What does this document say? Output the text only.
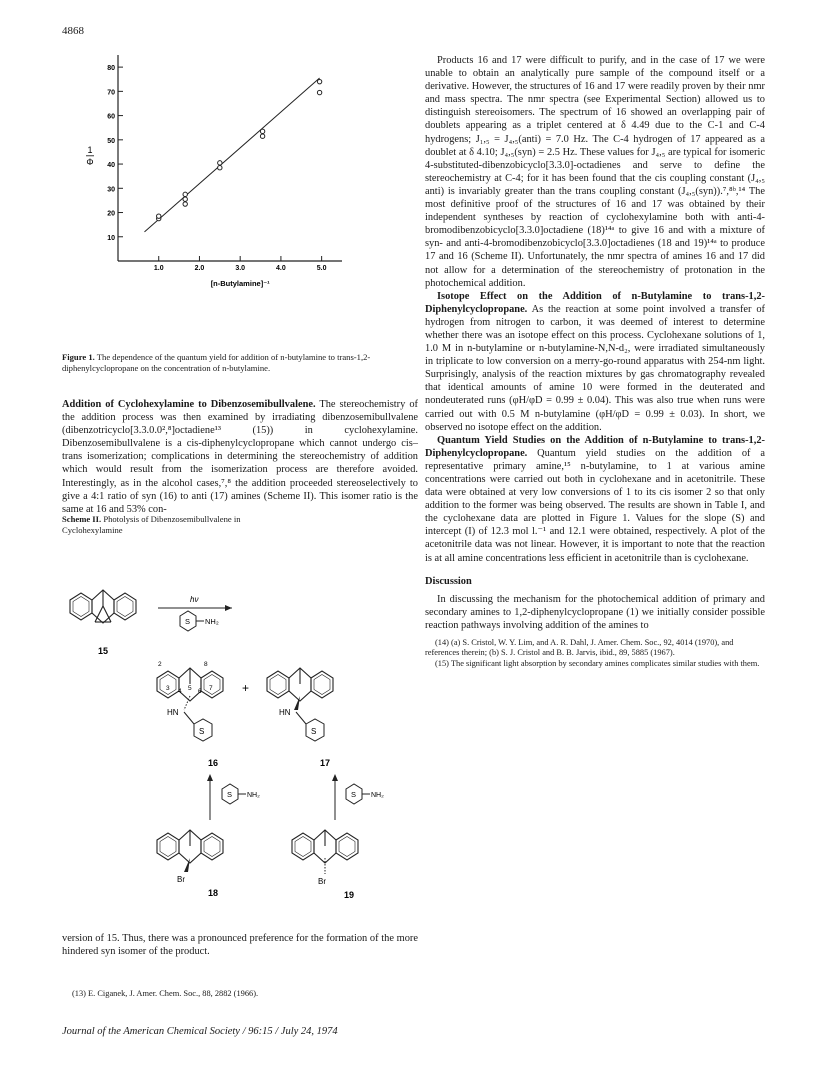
4868
10
20
30
40
50
60
70
80
1.0	2.0	3.0	4.0	5.0
[n-Butylamine]⁻¹
1
Φ
Figure 1. The dependence of the quantum yield for addition of n-butylamine to trans-1,2-diphenylcyclopropane on the concentration of n-butylamine.

Addition of Cyclohexylamine to Dibenzosemibullvalene. The stereochemistry of the addition process was then examined by irradiating dibenzosemibullvalene (dibenzotricyclo[3.3.0.0²,⁸]octadiene¹³ (15)) in cyclohexylamine. Dibenzosemibullvalene is a cis-diphenylcyclopropane which cannot undergo cis–trans isomerization; complications in determining the stereochemistry of addition which would result from the isomerization process are therefore avoided. Interestingly, as in the alcohol cases,⁷,⁸ the addition proceeded stereoselectively to give a 4:1 ratio of syn (16) to anti (17) amines (Scheme II). This isomer ratio is the same at 16 and 53% con-

Scheme II. Photolysis of Dibenzosemibullvalene in
Cyclohexylamine
15
hν
S NH₂
2	8
3 4 5 6 7
HN
S
16
+
HN
S
17
S NH₂	S NH₂
Br
18
Br
19

version of 15. Thus, there was a pronounced preference for the formation of the more hindered syn isomer of the product.

(13) E. Ciganek, J. Amer. Chem. Soc., 88, 2882 (1966).

Products 16 and 17 were difficult to purify, and in the case of 17 we were unable to obtain an analytically pure sample of the compound itself or a derivative. However, the structures of 16 and 17 were readily proven by their nmr and mass spectra. The nmr spectra (see Experimental Section) allowed us to distinguish stereoisomers. The spectrum of 16 showed an overlapping pair of doublets appearing as a triplet centered at δ 4.49 due to the C-1 and C-4 hydrogens; J₁,₅ = J₄,₅(anti) = 7.0 Hz. The C-4 hydrogen of 17 appeared as a doublet at δ 4.10; J₄,₅(syn) = 2.5 Hz. These values for J₄,₅ are typical for isomeric 4-substituted-dibenzobicyclo[3.3.0]-octadienes and serve to define the stereochemistry at C-4; for it has been found that the cis coupling constant (J₄,₅ anti) is invariably greater than the trans coupling constant (J₄,₅(syn)).⁷,⁸ᵇ,¹⁴ The most definitive proof of the structures of 16 and 17 was obtained by their independent syntheses by reaction of cyclohexylamine both with anti-4-bromodibenzobicyclo[3.3.0]octadiene (18)¹⁴ᵃ to give 16 and with a mixture of syn- and anti-4-bromodibenzobicyclo[3.3.0]octadienes (18 and 19)¹⁴ᵃ to produce 17 and 16 (Scheme II). Unfortunately, the nmr spectra of amines 16 and 17 did not allow for a determination of the stereochemistry of protonation in the photochemical addition.

Isotope Effect on the Addition of n-Butylamine to trans-1,2-Diphenylcyclopropane. As the reaction at some point involved a transfer of hydrogen from nitrogen to carbon, it was deemed of interest to determine whether there was an isotope effect on this process. Cyclohexane solutions of 1, 1.0 M in n-butylamine or n-butylamine-N,N-d₂, were irradiated simultaneously in triplicate to low conversion on a merry-go-round apparatus with 254-nm light. Surprisingly, analysis of the reaction mixtures by gas chromatography revealed that identical amounts of amine 10 were formed in the deuterated and nondeuterated runs (φH/φD = 0.99 ± 0.04). This was also true when runs were carried out with 0.5 M n-butylamine (φH/φD = 0.99 ± 0.03). In short, we observed no isotope effect on the addition.

Quantum Yield Studies on the Addition of n-Butylamine to trans-1,2-Diphenylcyclopropane. Quantum yield studies on the addition of a representative primary amine,¹⁵ n-butylamine, to 1 at various amine concentrations were carried out both in cyclohexane and in acetonitrile. These data were obtained at very low conversions of 1 to its cis isomer 2 so that only addition to the former was being observed. The results are shown in Table I, and the cyclohexane data are plotted in Figure 1. Values for the slope (S) and intercept (I) of 12.3 mol l.⁻¹ and 12.1 were obtained, respectively. A plot of the acetonitrile data was not linear. However, it is important to note that the reaction is at all amine concentrations less efficient in acetonitrile than is cyclohexane.

Discussion

In discussing the mechanism for the photochemical addition of primary and secondary amines to 1,2-diphenylcyclopropane (1) we initially consider possible reaction pathways involving addition of the amines to

(14) (a) S. Cristol, W. Y. Lim, and A. R. Dahl, J. Amer. Chem. Soc., 92, 4014 (1970), and references therein; (b) S. J. Cristol and B. B. Jarvis, ibid., 89, 5885 (1967).

(15) The significant light absorption by secondary amines complicates similar studies with them.

Journal of the American Chemical Society / 96:15 / July 24, 1974
